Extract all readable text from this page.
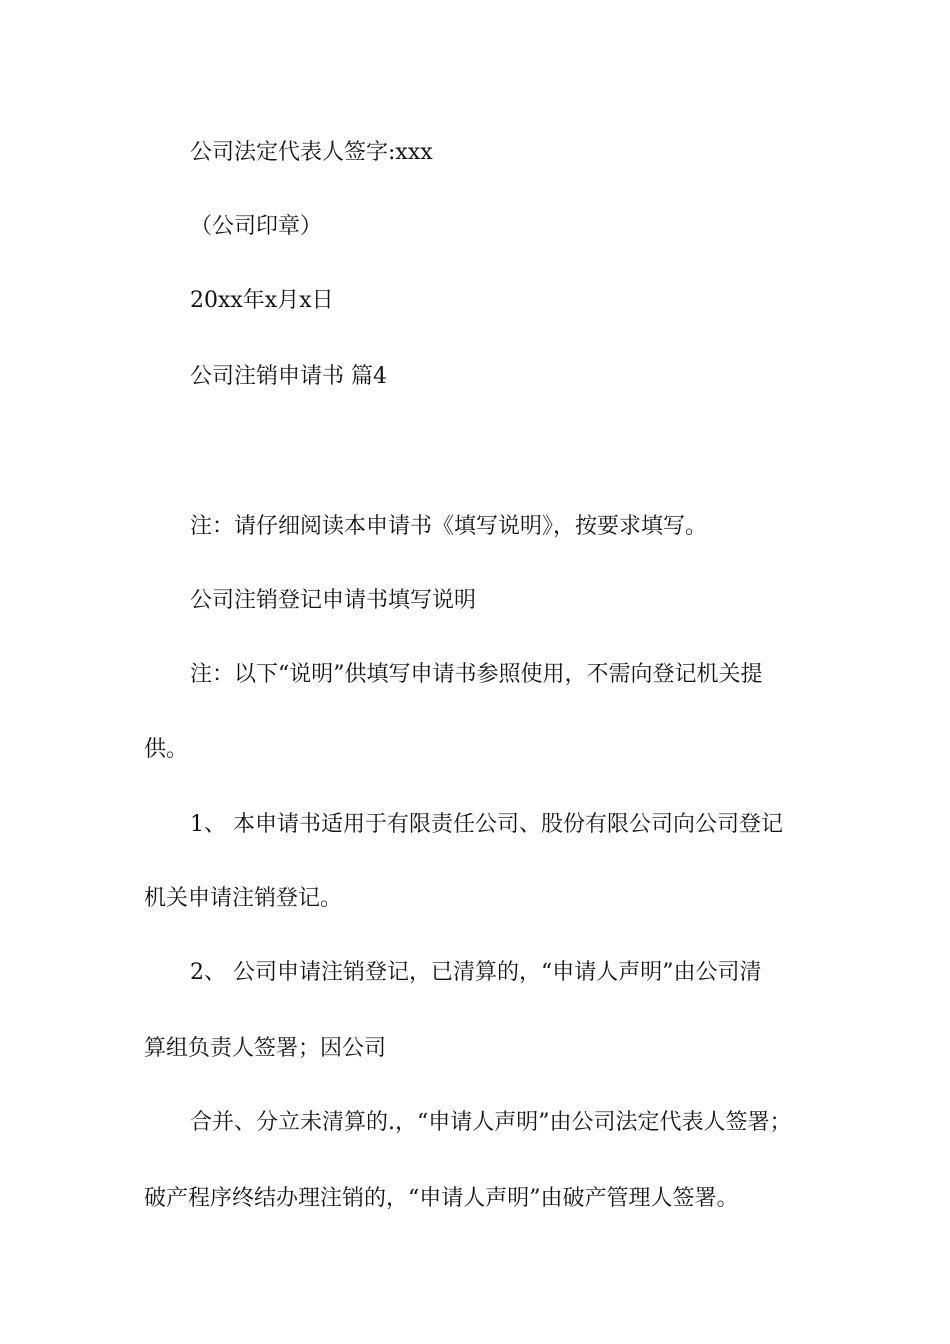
公司法定代表人签字:xxx
（公司印章）
20xx年x月x日
公司注销申请书 篇4
注：请仔细阅读本申请书《填写说明》，按要求填写。
公司注销登记申请书填写说明
注：以下“说明”供填写申请书参照使用，不需向登记机关提
供。
1、 本申请书适用于有限责任公司、股份有限公司向公司登记
机关申请注销登记。
2、 公司申请注销登记，已清算的，“申请人声明”由公司清
算组负责人签署；因公司
合并、分立未清算的.，“申请人声明”由公司法定代表人签署；
破产程序终结办理注销的，“申请人声明”由破产管理人签署。
